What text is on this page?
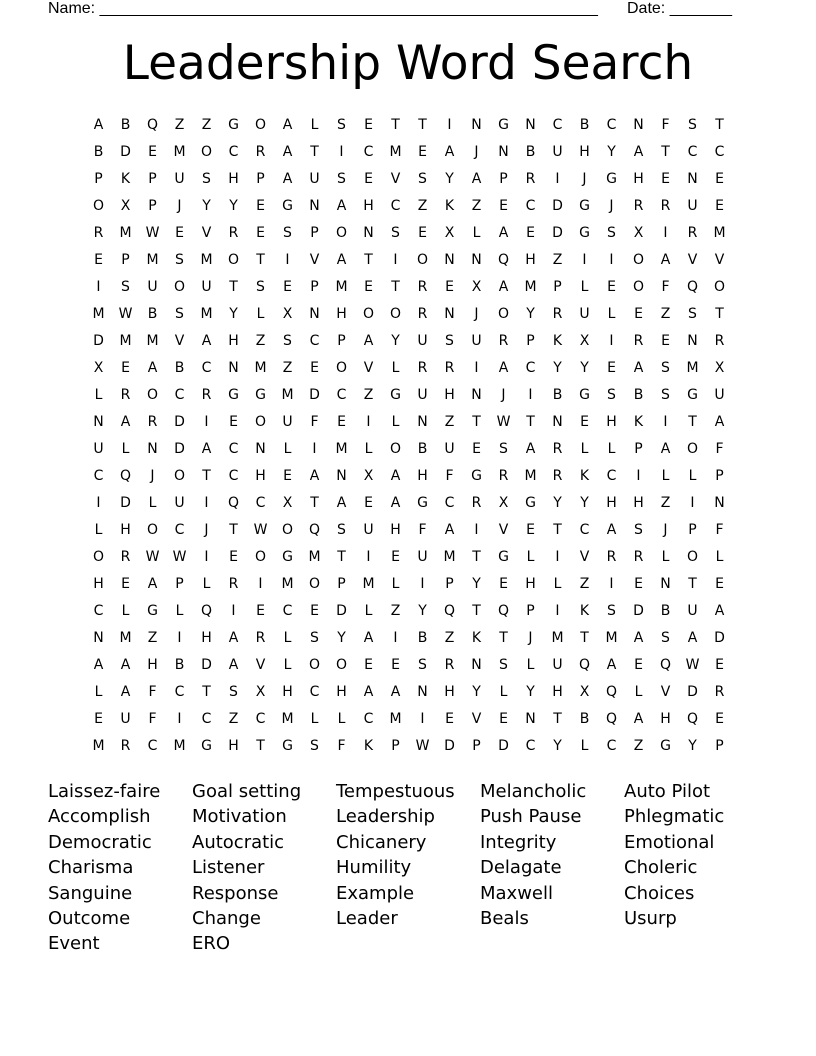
Name: ________________________________________________________ Date: _______
Leadership Word Search
A	B	Q	Z	Z	G	O	A	L	S	E	T	T	I	N	G	N	C	B	C	N	F	S	T
B	D	E	M	O	C	R	A	T	I	C	M	E	A	J	N	B	U	H	Y	A	T	C	C
P	K	P	U	S	H	P	A	U	S	E	V	S	Y	A	P	R	I	J	G	H	E	N	E
O	X	P	J	Y	Y	E	G	N	A	H	C	Z	K	Z	E	C	D	G	J	R	R	U	E
R	M	W	E	V	R	E	S	P	O	N	S	E	X	L	A	E	D	G	S	X	I	R	M
E	P	M	S	M	O	T	I	V	A	T	I	O	N	N	Q	H	Z	I	I	O	A	V	V
I	S	U	O	U	T	S	E	P	M	E	T	R	E	X	A	M	P	L	E	O	F	Q	O
M	W	B	S	M	Y	L	X	N	H	O	O	R	N	J	O	Y	R	U	L	E	Z	S	T
D	M	M	V	A	H	Z	S	C	P	A	Y	U	S	U	R	P	K	X	I	R	E	N	R
X	E	A	B	C	N	M	Z	E	O	V	L	R	R	I	A	C	Y	Y	E	A	S	M	X
L	R	O	C	R	G	G	M	D	C	Z	G	U	H	N	J	I	B	G	S	B	S	G	U
N	A	R	D	I	E	O	U	F	E	I	L	N	Z	T	W	T	N	E	H	K	I	T	A
U	L	N	D	A	C	N	L	I	M	L	O	B	U	E	S	A	R	L	L	P	A	O	F
C	Q	J	O	T	C	H	E	A	N	X	A	H	F	G	R	M	R	K	C	I	L	L	P
I	D	L	U	I	Q	C	X	T	A	E	A	G	C	R	X	G	Y	Y	H	H	Z	I	N
L	H	O	C	J	T	W	O	Q	S	U	H	F	A	I	V	E	T	C	A	S	J	P	F
O	R	W	W	I	E	O	G	M	T	I	E	U	M	T	G	L	I	V	R	R	L	O	L
H	E	A	P	L	R	I	M	O	P	M	L	I	P	Y	E	H	L	Z	I	E	N	T	E
C	L	G	L	Q	I	E	C	E	D	L	Z	Y	Q	T	Q	P	I	K	S	D	B	U	A
N	M	Z	I	H	A	R	L	S	Y	A	I	B	Z	K	T	J	M	T	M	A	S	A	D
A	A	H	B	D	A	V	L	O	O	E	E	S	R	N	S	L	U	Q	A	E	Q	W	E
L	A	F	C	T	S	X	H	C	H	A	A	N	H	Y	L	Y	H	X	Q	L	V	D	R
E	U	F	I	C	Z	C	M	L	L	C	M	I	E	V	E	N	T	B	Q	A	H	Q	E
M	R	C	M	G	H	T	G	S	F	K	P	W	D	P	D	C	Y	L	C	Z	G	Y	P
Laissez-faire
Accomplish
Democratic
Charisma
Sanguine
Outcome
Event
Goal setting
Motivation
Autocratic
Listener
Response
Change
ERO
Tempestuous
Leadership
Chicanery
Humility
Example
Leader
Melancholic
Push Pause
Integrity
Delagate
Maxwell
Beals
Auto Pilot
Phlegmatic
Emotional
Choleric
Choices
Usurp
